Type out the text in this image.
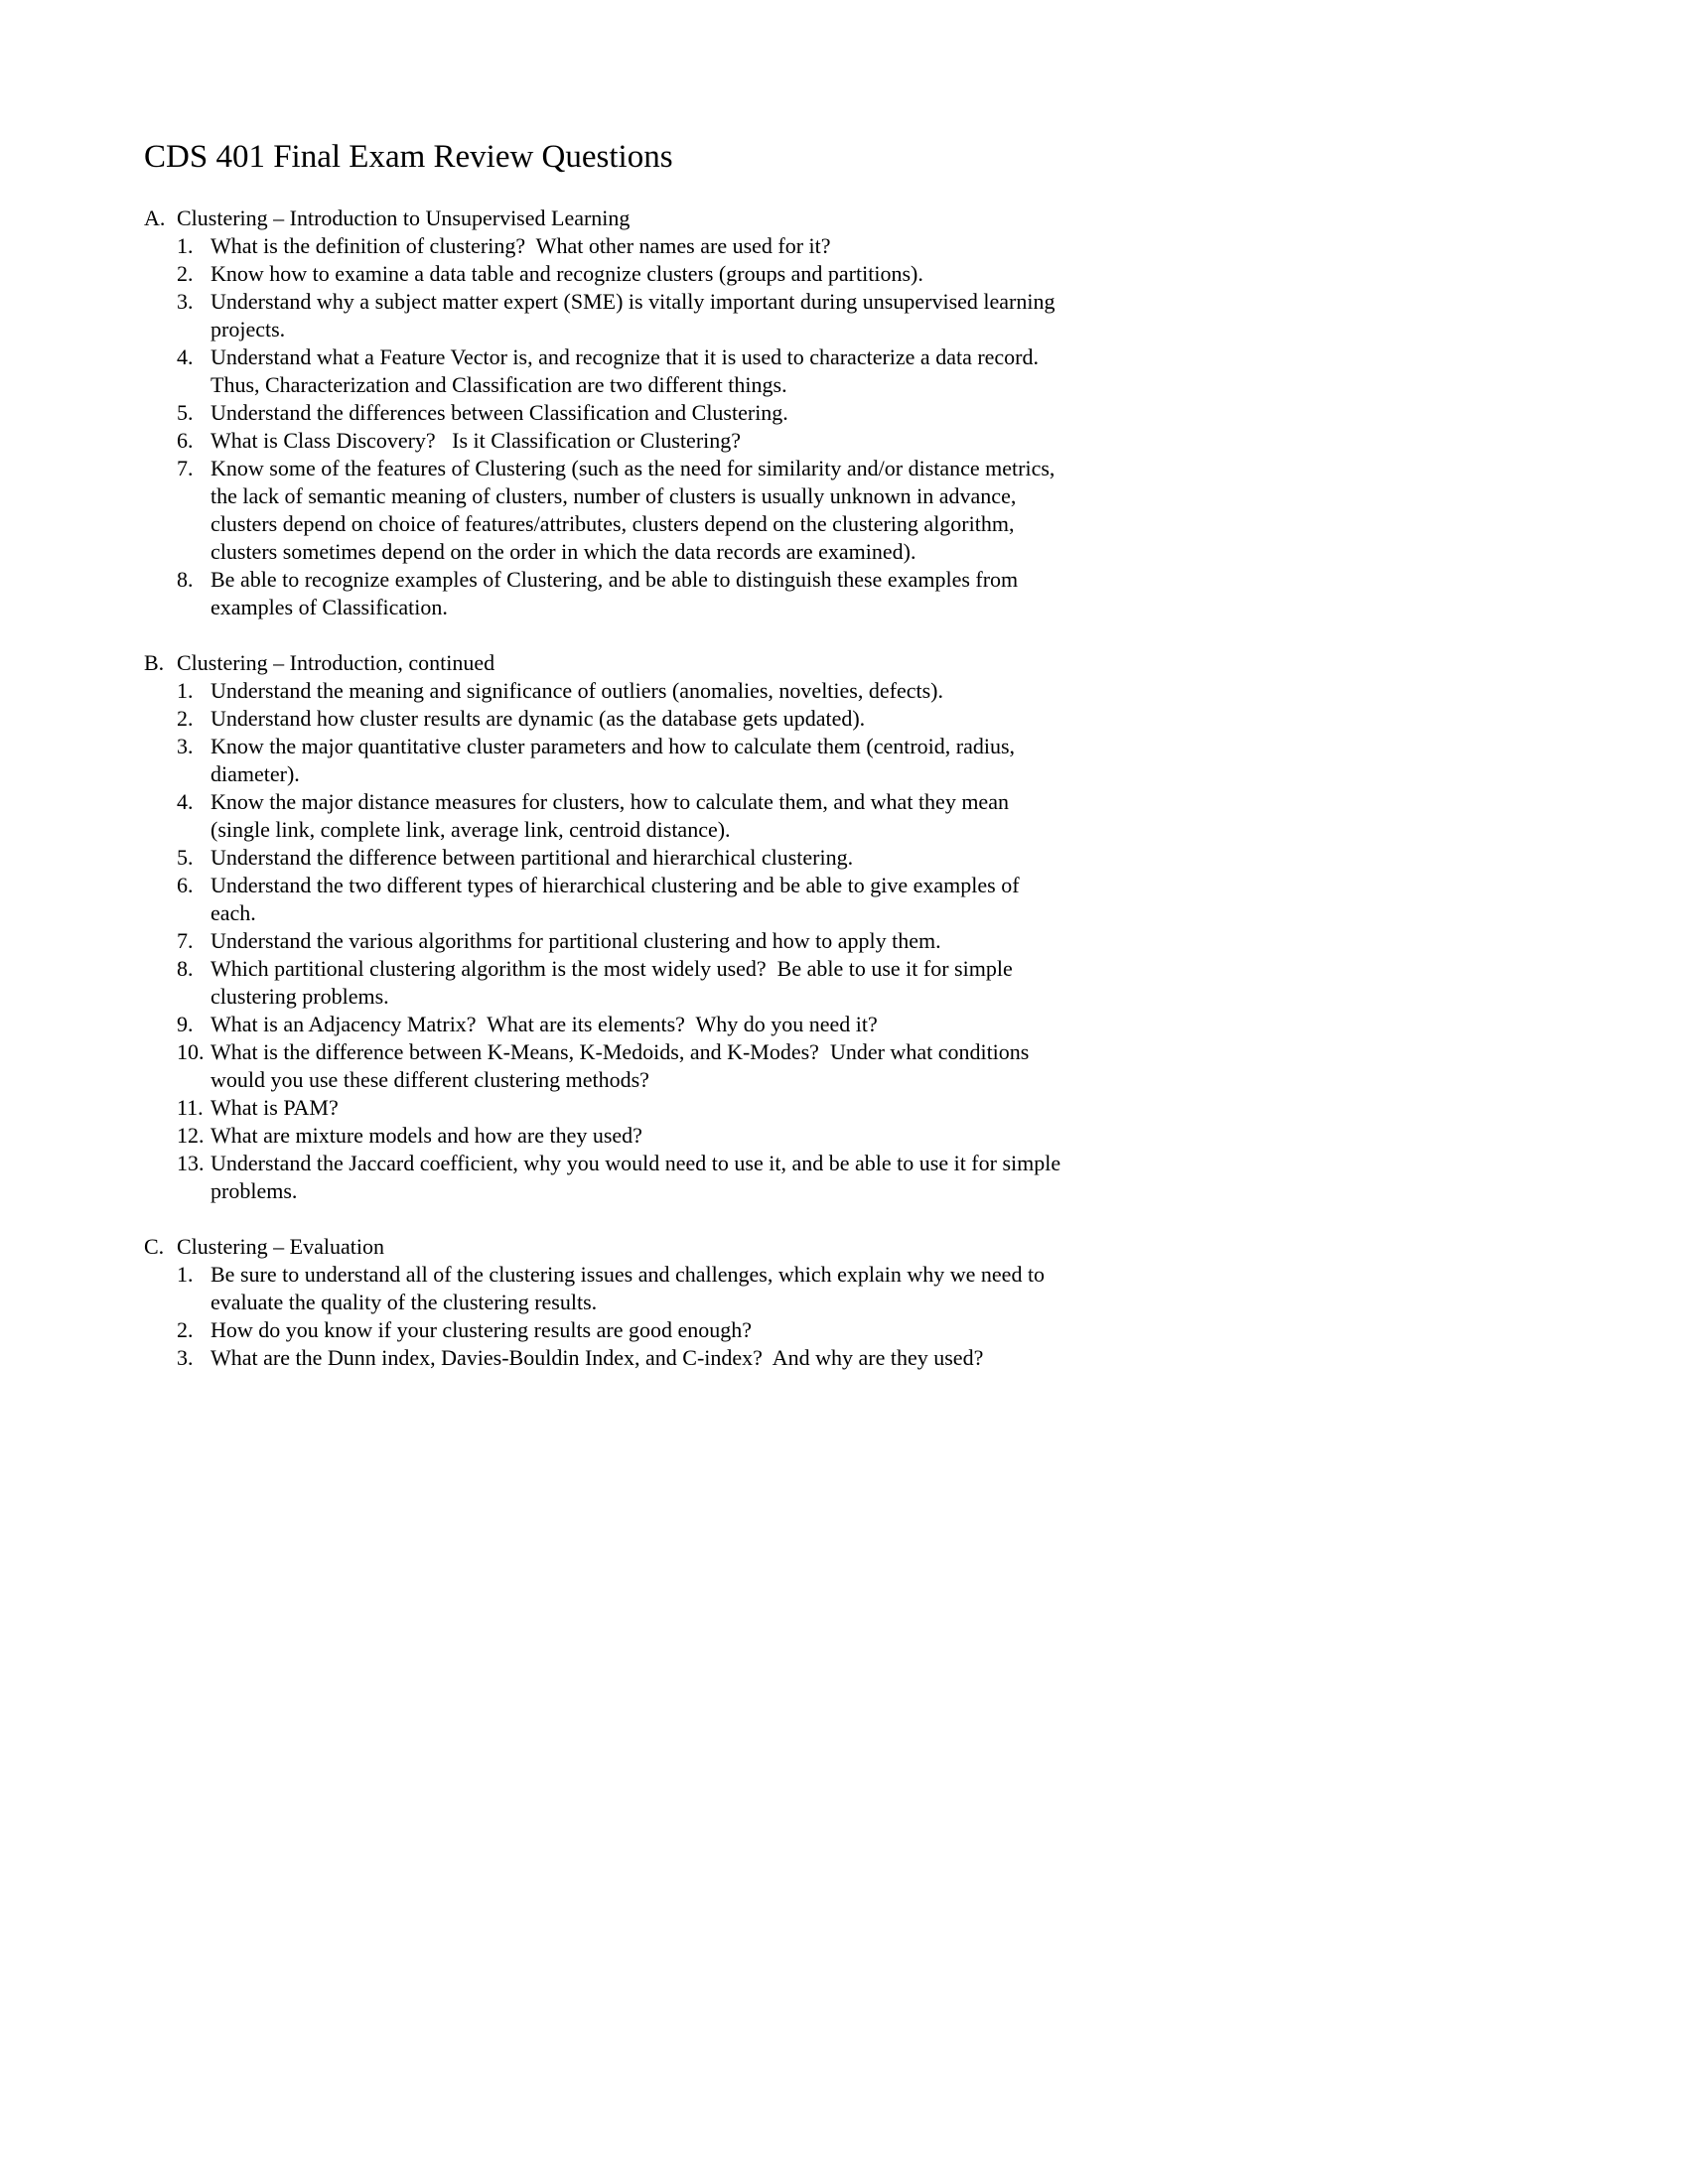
CDS 401 Final Exam Review Questions
A. Clustering – Introduction to Unsupervised Learning
1. What is the definition of clustering?  What other names are used for it?
2. Know how to examine a data table and recognize clusters (groups and partitions).
3. Understand why a subject matter expert (SME) is vitally important during unsupervised learning projects.
4. Understand what a Feature Vector is, and recognize that it is used to characterize a data record.  Thus, Characterization and Classification are two different things.
5. Understand the differences between Classification and Clustering.
6. What is Class Discovery?   Is it Classification or Clustering?
7. Know some of the features of Clustering (such as the need for similarity and/or distance metrics, the lack of semantic meaning of clusters, number of clusters is usually unknown in advance, clusters depend on choice of features/attributes, clusters depend on the clustering algorithm, clusters sometimes depend on the order in which the data records are examined).
8. Be able to recognize examples of Clustering, and be able to distinguish these examples from examples of Classification.
B. Clustering – Introduction, continued
1. Understand the meaning and significance of outliers (anomalies, novelties, defects).
2. Understand how cluster results are dynamic (as the database gets updated).
3. Know the major quantitative cluster parameters and how to calculate them (centroid, radius, diameter).
4. Know the major distance measures for clusters, how to calculate them, and what they mean (single link, complete link, average link, centroid distance).
5. Understand the difference between partitional and hierarchical clustering.
6. Understand the two different types of hierarchical clustering and be able to give examples of each.
7. Understand the various algorithms for partitional clustering and how to apply them.
8. Which partitional clustering algorithm is the most widely used?  Be able to use it for simple clustering problems.
9. What is an Adjacency Matrix?  What are its elements?  Why do you need it?
10. What is the difference between K-Means, K-Medoids, and K-Modes?  Under what conditions would you use these different clustering methods?
11. What is PAM?
12. What are mixture models and how are they used?
13. Understand the Jaccard coefficient, why you would need to use it, and be able to use it for simple problems.
C. Clustering – Evaluation
1. Be sure to understand all of the clustering issues and challenges, which explain why we need to evaluate the quality of the clustering results.
2. How do you know if your clustering results are good enough?
3. What are the Dunn index, Davies-Bouldin Index, and C-index?  And why are they used?
